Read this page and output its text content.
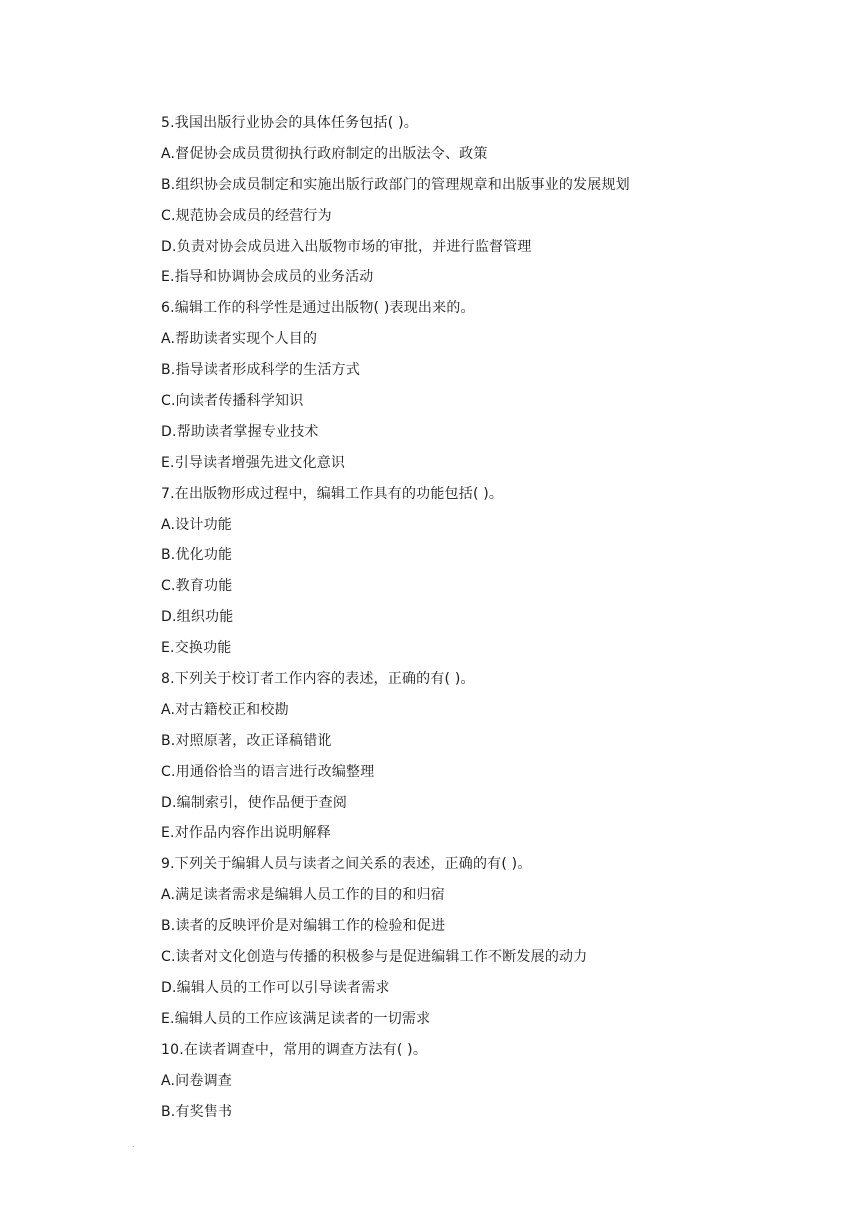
5.我国出版行业协会的具体任务包括( )。
A.督促协会成员贯彻执行政府制定的出版法令、政策
B.组织协会成员制定和实施出版行政部门的管理规章和出版事业的发展规划
C.规范协会成员的经营行为
D.负责对协会成员进入出版物市场的审批，并进行监督管理
E.指导和协调协会成员的业务活动
6.编辑工作的科学性是通过出版物( )表现出来的。
A.帮助读者实现个人目的
B.指导读者形成科学的生活方式
C.向读者传播科学知识
D.帮助读者掌握专业技术
E.引导读者增强先进文化意识
7.在出版物形成过程中，编辑工作具有的功能包括( )。
A.设计功能
B.优化功能
C.教育功能
D.组织功能
E.交换功能
8.下列关于校订者工作内容的表述，正确的有( )。
A.对古籍校正和校勘
B.对照原著，改正译稿错讹
C.用通俗恰当的语言进行改编整理
D.编制索引，使作品便于查阅
E.对作品内容作出说明解释
9.下列关于编辑人员与读者之间关系的表述，正确的有( )。
A.满足读者需求是编辑人员工作的目的和归宿
B.读者的反映评价是对编辑工作的检验和促进
C.读者对文化创造与传播的积极参与是促进编辑工作不断发展的动力
D.编辑人员的工作可以引导读者需求
E.编辑人员的工作应该满足读者的一切需求
10.在读者调查中，常用的调查方法有( )。
A.问卷调查
B.有奖售书
.
